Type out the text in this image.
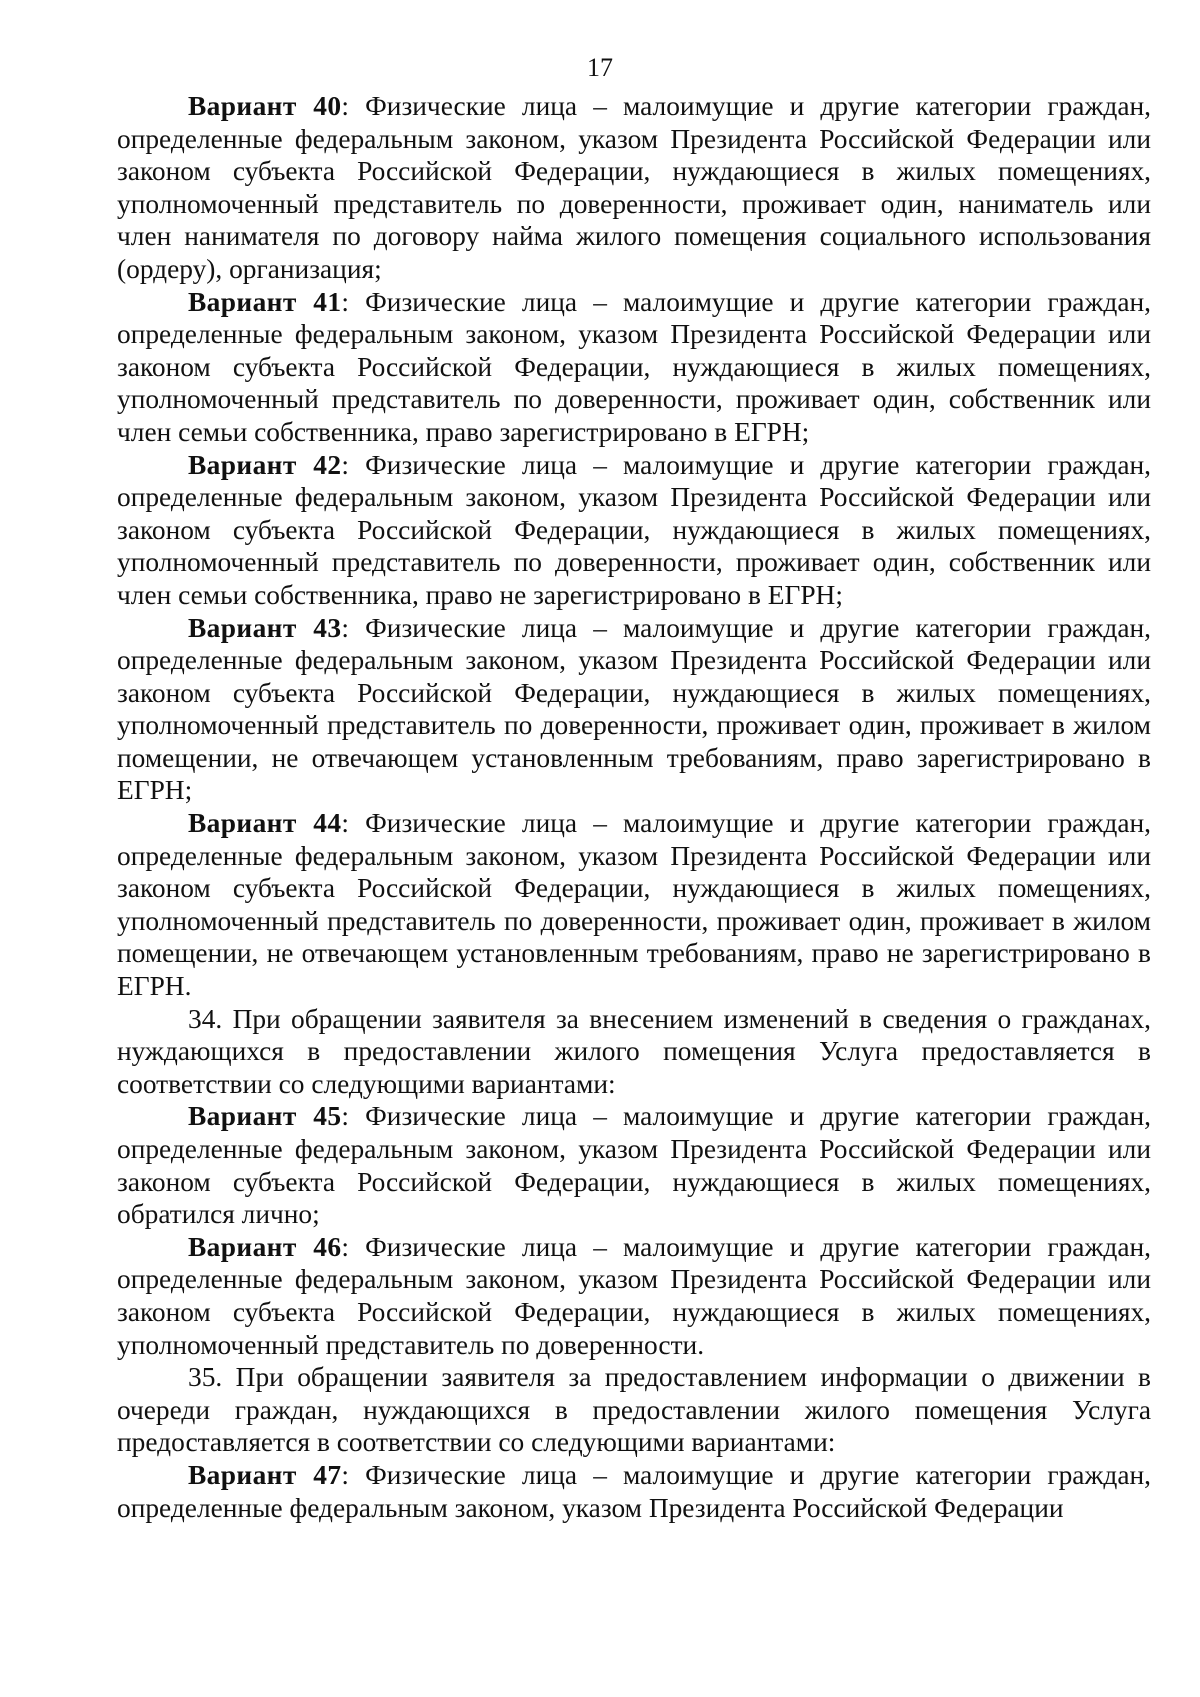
17

Вариант 40: Физические лица – малоимущие и другие категории граждан, определенные федеральным законом, указом Президента Российской Федерации или законом субъекта Российской Федерации, нуждающиеся в жилых помещениях, уполномоченный представитель по доверенности, проживает один, наниматель или член нанимателя по договору найма жилого помещения социального использования (ордеру), организация;

Вариант 41: Физические лица – малоимущие и другие категории граждан, определенные федеральным законом, указом Президента Российской Федерации или законом субъекта Российской Федерации, нуждающиеся в жилых помещениях, уполномоченный представитель по доверенности, проживает один, собственник или член семьи собственника, право зарегистрировано в ЕГРН;

Вариант 42: Физические лица – малоимущие и другие категории граждан, определенные федеральным законом, указом Президента Российской Федерации или законом субъекта Российской Федерации, нуждающиеся в жилых помещениях, уполномоченный представитель по доверенности, проживает один, собственник или член семьи собственника, право не зарегистрировано в ЕГРН;

Вариант 43: Физические лица – малоимущие и другие категории граждан, определенные федеральным законом, указом Президента Российской Федерации или законом субъекта Российской Федерации, нуждающиеся в жилых помещениях, уполномоченный представитель по доверенности, проживает один, проживает в жилом помещении, не отвечающем установленным требованиям, право зарегистрировано в ЕГРН;

Вариант 44: Физические лица – малоимущие и другие категории граждан, определенные федеральным законом, указом Президента Российской Федерации или законом субъекта Российской Федерации, нуждающиеся в жилых помещениях, уполномоченный представитель по доверенности, проживает один, проживает в жилом помещении, не отвечающем установленным требованиям, право не зарегистрировано в ЕГРН.

34. При обращении заявителя за внесением изменений в сведения о гражданах, нуждающихся в предоставлении жилого помещения Услуга предоставляется в соответствии со следующими вариантами:

Вариант 45: Физические лица – малоимущие и другие категории граждан, определенные федеральным законом, указом Президента Российской Федерации или законом субъекта Российской Федерации, нуждающиеся в жилых помещениях, обратился лично;

Вариант 46: Физические лица – малоимущие и другие категории граждан, определенные федеральным законом, указом Президента Российской Федерации или законом субъекта Российской Федерации, нуждающиеся в жилых помещениях, уполномоченный представитель по доверенности.

35. При обращении заявителя за предоставлением информации о движении в очереди граждан, нуждающихся в предоставлении жилого помещения Услуга предоставляется в соответствии со следующими вариантами:

Вариант 47: Физические лица – малоимущие и другие категории граждан, определенные федеральным законом, указом Президента Российской Федерации
